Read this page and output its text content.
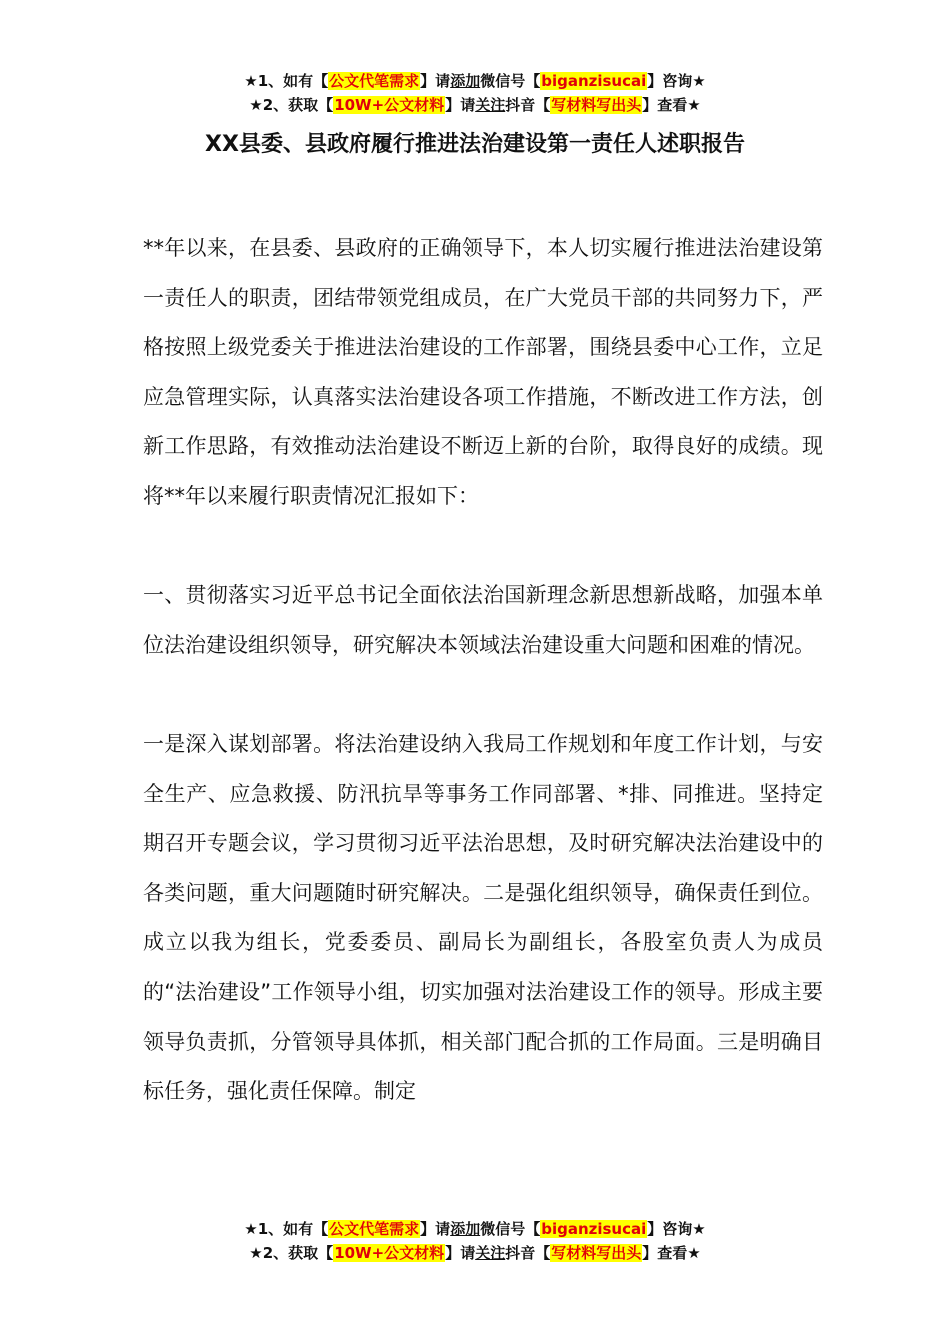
★1、如有【公文代笔需求】请添加微信号【biganzisucai】咨询★
★2、获取【10W+公文材料】请关注抖音【写材料写出头】查看★
XX县委、县政府履行推进法治建设第一责任人述职报告

**年以来，在县委、县政府的正确领导下，本人切实履行推进法治建设第一责任人的职责，团结带领党组成员，在广大党员干部的共同努力下，严格按照上级党委关于推进法治建设的工作部署，围绕县委中心工作，立足应急管理实际，认真落实法治建设各项工作措施，不断改进工作方法，创新工作思路，有效推动法治建设不断迈上新的台阶，取得良好的成绩。现将**年以来履行职责情况汇报如下：

一、贯彻落实习近平总书记全面依法治国新理念新思想新战略，加强本单位法治建设组织领导，研究解决本领域法治建设重大问题和困难的情况。

一是深入谋划部署。将法治建设纳入我局工作规划和年度工作计划，与安全生产、应急救援、防汛抗旱等事务工作同部署、*排、同推进。坚持定期召开专题会议，学习贯彻习近平法治思想，及时研究解决法治建设中的各类问题，重大问题随时研究解决。二是强化组织领导，确保责任到位。成立以我为组长，党委委员、副局长为副组长，各股室负责人为成员的“法治建设”工作领导小组，切实加强对法治建设工作的领导。形成主要领导负责抓，分管领导具体抓，相关部门配合抓的工作局面。三是明确目标任务，强化责任保障。制定

★1、如有【公文代笔需求】请添加微信号【biganzisucai】咨询★
★2、获取【10W+公文材料】请关注抖音【写材料写出头】查看★
